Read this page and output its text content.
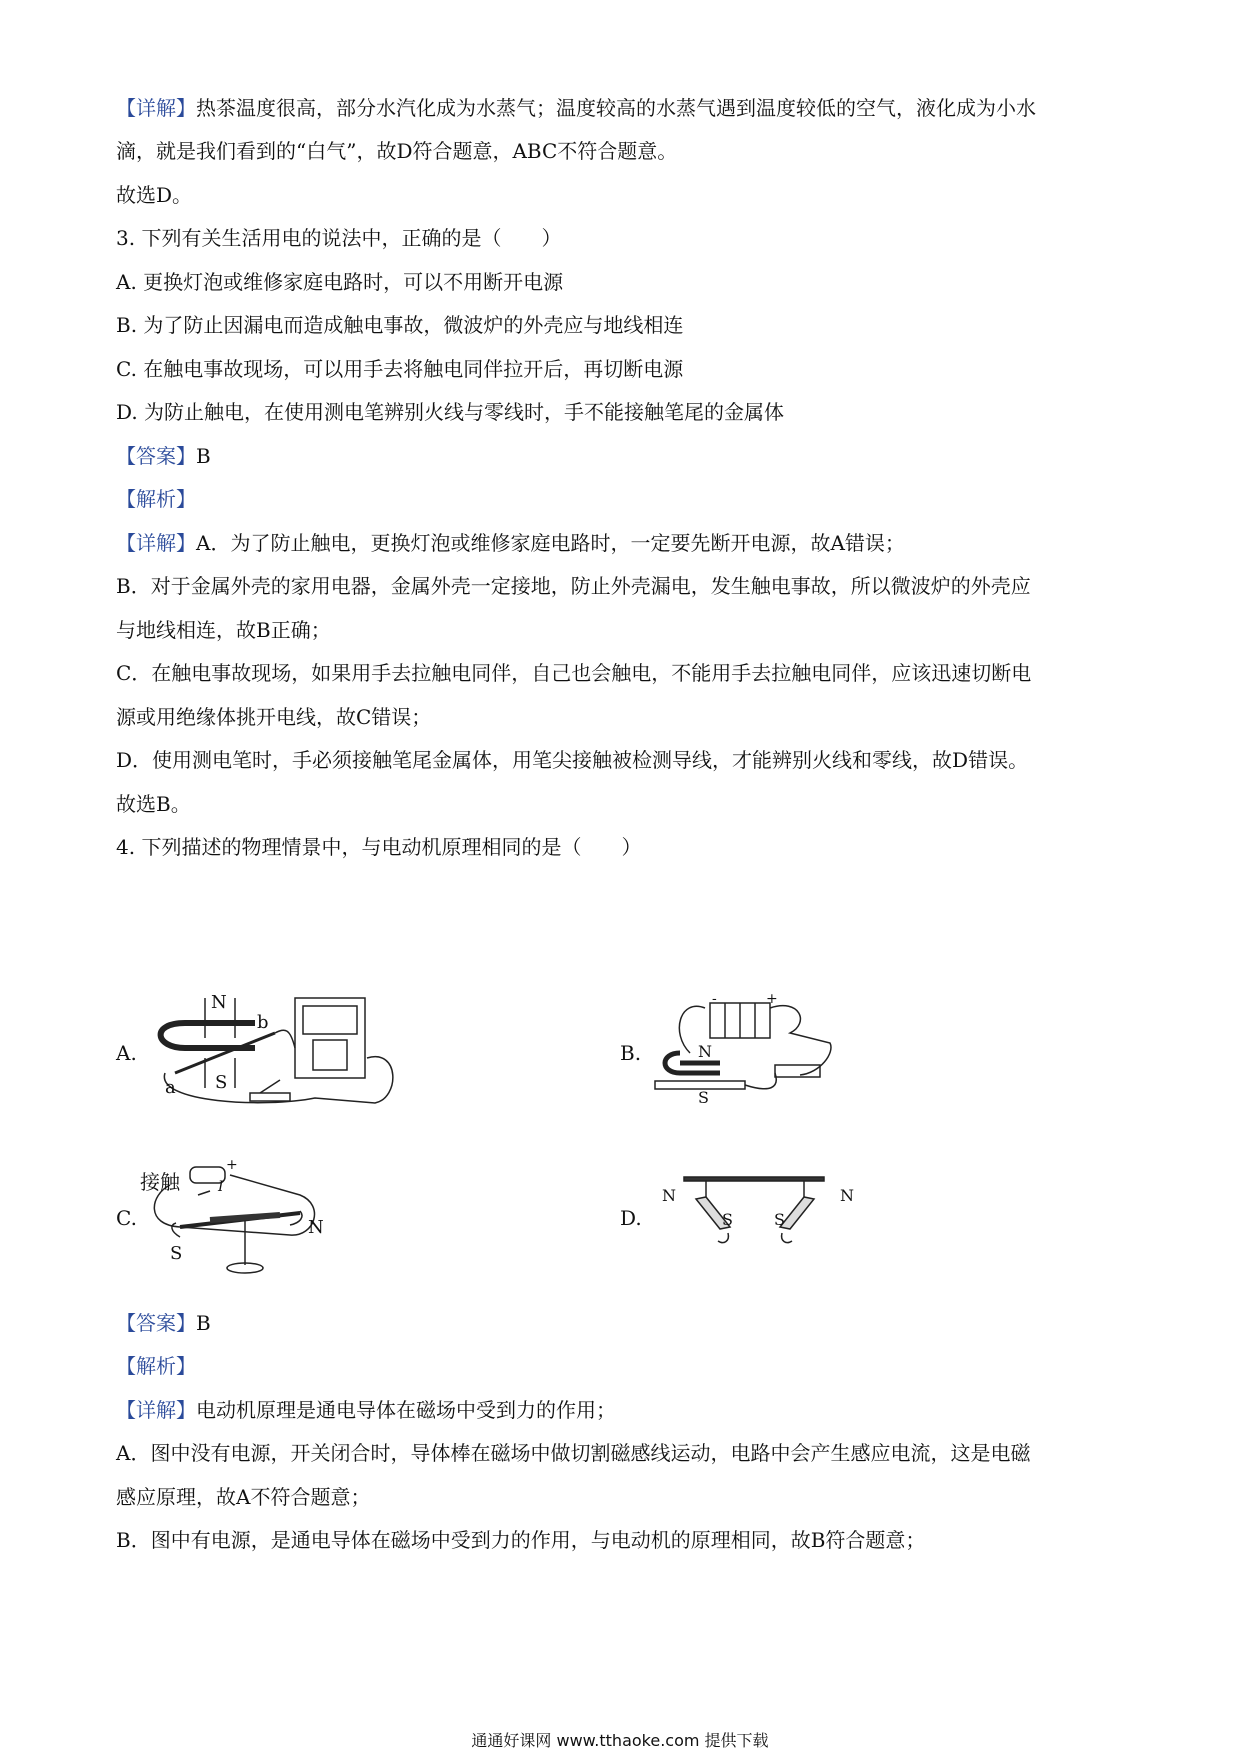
【详解】热茶温度很高，部分水汽化成为水蒸气；温度较高的水蒸气遇到温度较低的空气，液化成为小水
滴，就是我们看到的“白气”，故D符合题意，ABC不符合题意。
故选D。
3. 下列有关生活用电的说法中，正确的是（　　）
A. 更换灯泡或维修家庭电路时，可以不用断开电源
B. 为了防止因漏电而造成触电事故，微波炉的外壳应与地线相连
C. 在触电事故现场，可以用手去将触电同伴拉开后，再切断电源
D. 为防止触电，在使用测电笔辨别火线与零线时，手不能接触笔尾的金属体
【答案】B
【解析】
【详解】A．为了防止触电，更换灯泡或维修家庭电路时，一定要先断开电源，故A错误；
B．对于金属外壳的家用电器，金属外壳一定接地，防止外壳漏电，发生触电事故，所以微波炉的外壳应
与地线相连，故B正确；
C．在触电事故现场，如果用手去拉触电同伴，自己也会触电，不能用手去拉触电同伴，应该迅速切断电
源或用绝缘体挑开电线，故C错误；
D．使用测电笔时，手必须接触笔尾金属体，用笔尖接触被检测导线，才能辨别火线和零线，故D错误。
故选B。
4. 下列描述的物理情景中，与电动机原理相同的是（　　）
A.	B.
C.	D.
N
S
a
b
N
S
-	+
接触
+
I
N
S
N
S	S
N
【答案】B
【解析】
【详解】电动机原理是通电导体在磁场中受到力的作用；
A．图中没有电源，开关闭合时，导体棒在磁场中做切割磁感线运动，电路中会产生感应电流，这是电磁
感应原理，故A不符合题意；
B．图中有电源，是通电导体在磁场中受到力的作用，与电动机的原理相同，故B符合题意；
通通好课网 www.tthaoke.com 提供下载
